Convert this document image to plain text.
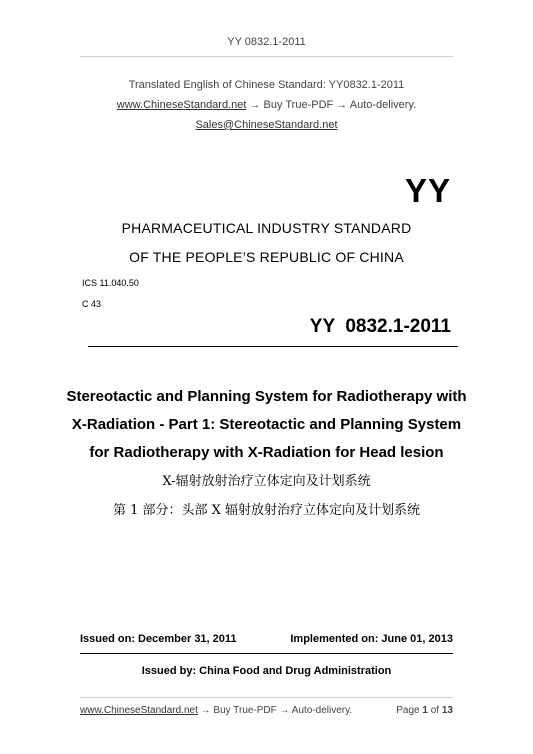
YY 0832.1-2011
Translated English of Chinese Standard: YY0832.1-2011
www.ChineseStandard.net → Buy True-PDF → Auto-delivery.
Sales@ChineseStandard.net
YY
PHARMACEUTICAL INDUSTRY STANDARD
OF THE PEOPLE’S REPUBLIC OF CHINA
ICS 11.040.50
C 43
YY  0832.1-2011
Stereotactic and Planning System for Radiotherapy with
X-Radiation - Part 1: Stereotactic and Planning System
for Radiotherapy with X-Radiation for Head lesion
X-辐射放射治疗立体定向及计划系统
第 1 部分：头部 X 辐射放射治疗立体定向及计划系统
Issued on: December 31, 2011	Implemented on: June 01, 2013
Issued by: China Food and Drug Administration
www.ChineseStandard.net → Buy True-PDF → Auto-delivery.	Page 1 of 13
